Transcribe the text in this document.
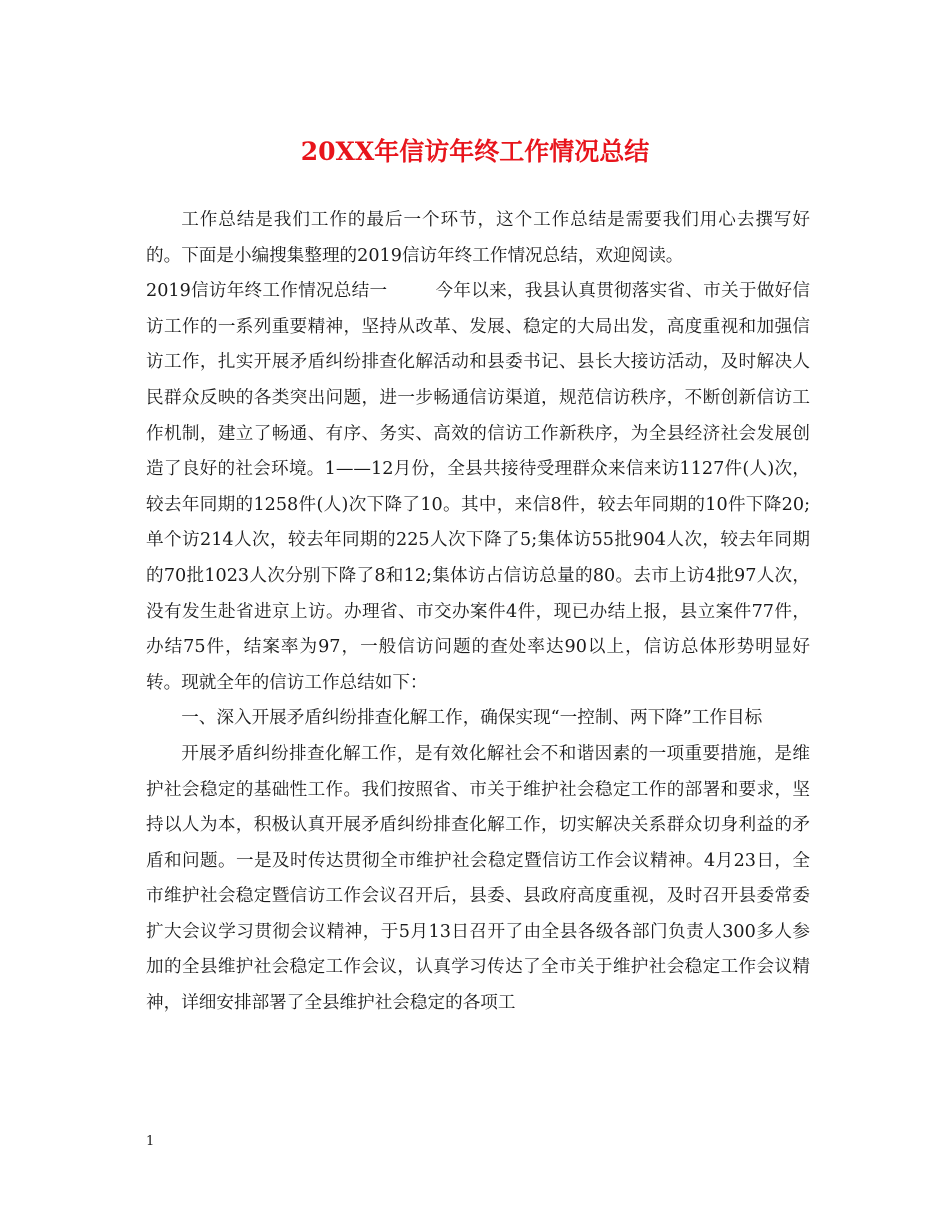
20XX年信访年终工作情况总结

工作总结是我们工作的最后一个环节，这个工作总结是需要我们用心去撰写好的。下面是小编搜集整理的2019信访年终工作情况总结，欢迎阅读。

2019信访年终工作情况总结一	今年以来，我县认真贯彻落实省、市关于做好信访工作的一系列重要精神，坚持从改革、发展、稳定的大局出发，高度重视和加强信访工作，扎实开展矛盾纠纷排查化解活动和县委书记、县长大接访活动，及时解决人民群众反映的各类突出问题，进一步畅通信访渠道，规范信访秩序，不断创新信访工作机制，建立了畅通、有序、务实、高效的信访工作新秩序，为全县经济社会发展创造了良好的社会环境。1——12月份，全县共接待受理群众来信来访1127件(人)次，较去年同期的1258件(人)次下降了10。其中，来信8件，较去年同期的10件下降20;单个访214人次，较去年同期的225人次下降了5;集体访55批904人次，较去年同期的70批1023人次分别下降了8和12;集体访占信访总量的80。去市上访4批97人次，没有发生赴省进京上访。办理省、市交办案件4件，现已办结上报，县立案件77件，办结75件，结案率为97，一般信访问题的查处率达90以上，信访总体形势明显好转。现就全年的信访工作总结如下：

一、深入开展矛盾纠纷排查化解工作，确保实现“一控制、两下降”工作目标

开展矛盾纠纷排查化解工作，是有效化解社会不和谐因素的一项重要措施，是维护社会稳定的基础性工作。我们按照省、市关于维护社会稳定工作的部署和要求，坚持以人为本，积极认真开展矛盾纠纷排查化解工作，切实解决关系群众切身利益的矛盾和问题。一是及时传达贯彻全市维护社会稳定暨信访工作会议精神。4月23日，全市维护社会稳定暨信访工作会议召开后，县委、县政府高度重视，及时召开县委常委扩大会议学习贯彻会议精神，于5月13日召开了由全县各级各部门负责人300多人参加的全县维护社会稳定工作会议，认真学习传达了全市关于维护社会稳定工作会议精神，详细安排部署了全县维护社会稳定的各项工

1
